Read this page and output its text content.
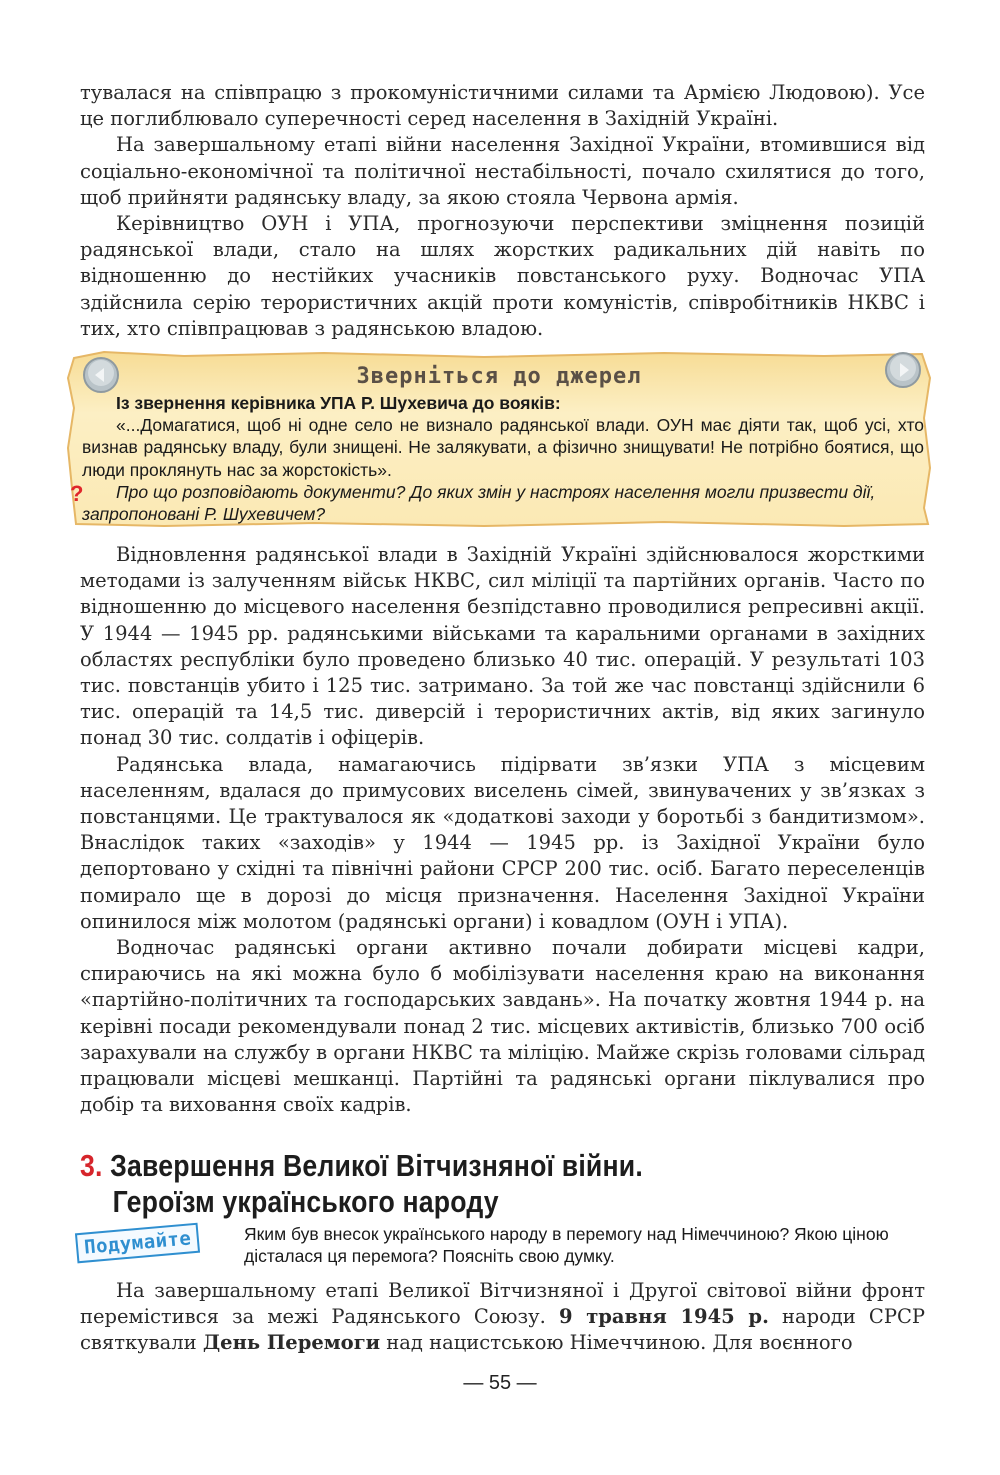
тувалася на співпрацю з прокомуністичними силами та Армією Людовою). Усе це поглиблювало суперечності серед населення в Західній Україні.

На завершальному етапі війни населення Західної України, втомившися від соціально-економічної та політичної нестабільності, почало схилятися до того, щоб прийняти радянську владу, за якою стояла Червона армія.

Керівництво ОУН і УПА, прогнозуючи перспективи зміцнення позицій радянської влади, стало на шлях жорстких радикальних дій навіть по відношенню до нестійких учасників повстанського руху. Водночас УПА здійснила серію терористичних акцій проти комуністів, співробітників НКВС і тих, хто співпрацював з радянською владою.

Зверніться до джерел

Із звернення керівника УПА Р. Шухевича до вояків:

«...Домагатися, щоб ні одне село не визнало радянської влади. ОУН має діяти так, щоб усі, хто визнав радянську владу, були знищені. Не залякувати, а фізично знищувати! Не потрібно боятися, що люди проклянуть нас за жорстокість».

Про що розповідають документи? До яких змін у настроях населення могли призвести дії, запропоновані Р. Шухевичем?

?

Відновлення радянської влади в Західній Україні здійснювалося жорсткими методами із залученням військ НКВС, сил міліції та партійних органів. Часто по відношенню до місцевого населення безпідставно проводилися репресивні акції. У 1944 — 1945 рр. радянськими військами та каральними органами в західних областях республіки було проведено близько 40 тис. операцій. У результаті 103 тис. повстанців убито і 125 тис. затримано. За той же час повстанці здійснили 6 тис. операцій та 14,5 тис. диверсій і терористичних актів, від яких загинуло понад 30 тис. солдатів і офіцерів.

Радянська влада, намагаючись підірвати зв’язки УПА з місцевим населенням, вдалася до примусових виселень сімей, звинувачених у зв’язках з повстанцями. Це трактувалося як «додаткові заходи у боротьбі з бандитизмом». Внаслідок таких «заходів» у 1944 — 1945 рр. із Західної України було депортовано у східні та північні райони СРСР 200 тис. осіб. Багато переселенців помирало ще в дорозі до місця призначення. Населення Західної України опинилося між молотом (радянські органи) і ковадлом (ОУН і УПА).

Водночас радянські органи активно почали добирати місцеві кадри, спираючись на які можна було б мобілізувати населення краю на виконання «партійно-політичних та господарських завдань». На початку жовтня 1944 р. на керівні посади рекомендували понад 2 тис. місцевих активістів, близько 700 осіб зарахували на службу в органи НКВС та міліцію. Майже скрізь головами сільрад працювали місцеві мешканці. Партійні та радянські органи піклувалися про добір та виховання своїх кадрів.

3. Завершення Великої Вітчизняної війни.
Героїзм українського народу
Подумайте	Яким був внесок українського народу в перемогу над Німеччиною? Якою ціною дісталася ця перемога? Поясніть свою думку.

На завершальному етапі Великої Вітчизняної і Другої світової війни фронт перемістився за межі Радянського Союзу. 9 травня 1945 р. народи СРСР святкували День Перемоги над нацистською Німеччиною. Для воєнного

— 55 —
